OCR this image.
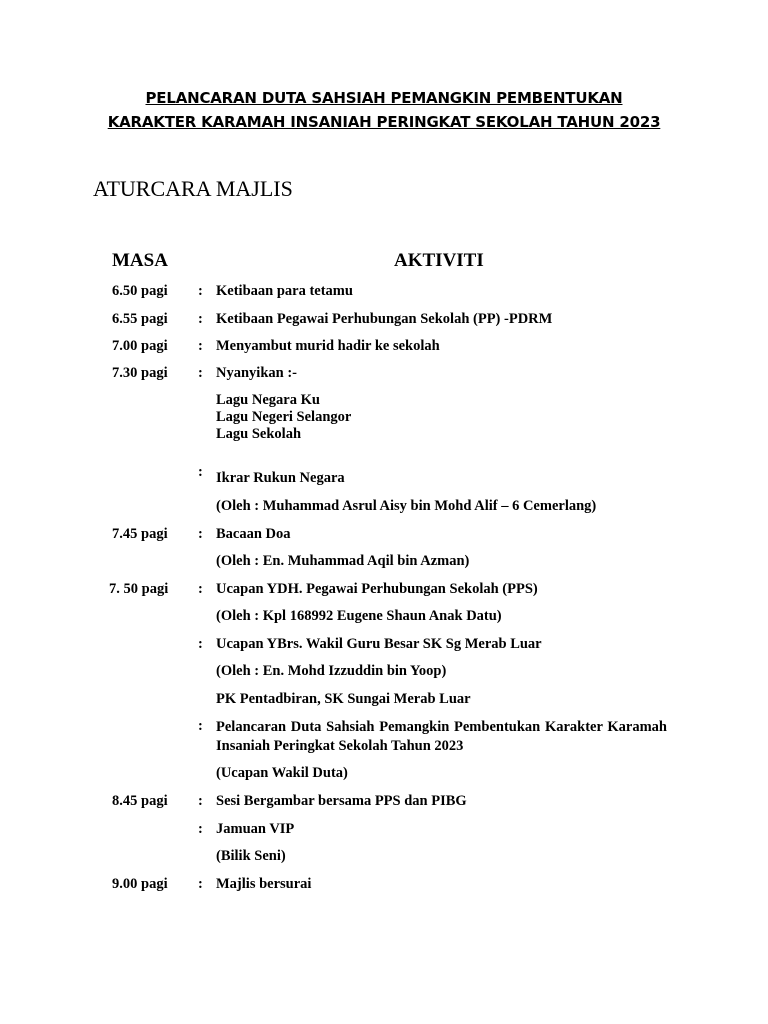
PELANCARAN DUTA SAHSIAH PEMANGKIN PEMBENTUKAN
KARAKTER KARAMAH INSANIAH PERINGKAT SEKOLAH TAHUN 2023
ATURCARA MAJLIS
MASA	AKTIVITI
6.50 pagi : Ketibaan para tetamu
6.55 pagi : Ketibaan Pegawai Perhubungan Sekolah (PP) -PDRM
7.00 pagi : Menyambut murid hadir ke sekolah
7.30 pagi : Nyanyikan :-
Lagu Negara Ku
Lagu Negeri Selangor
Lagu Sekolah
: Ikrar Rukun Negara
(Oleh : Muhammad Asrul Aisy bin Mohd Alif – 6 Cemerlang)
7.45 pagi : Bacaan Doa
(Oleh : En. Muhammad Aqil bin Azman)
7. 50 pagi : Ucapan YDH. Pegawai Perhubungan Sekolah (PPS)
(Oleh : Kpl 168992 Eugene Shaun Anak Datu)
: Ucapan YBrs. Wakil Guru Besar SK Sg Merab Luar
(Oleh : En. Mohd Izzuddin bin Yoop)
PK Pentadbiran, SK Sungai Merab Luar
: Pelancaran Duta Sahsiah Pemangkin Pembentukan Karakter Karamah Insaniah Peringkat Sekolah Tahun 2023
(Ucapan Wakil Duta)
8.45 pagi : Sesi Bergambar bersama PPS dan PIBG
: Jamuan VIP
(Bilik Seni)
9.00 pagi : Majlis bersurai
